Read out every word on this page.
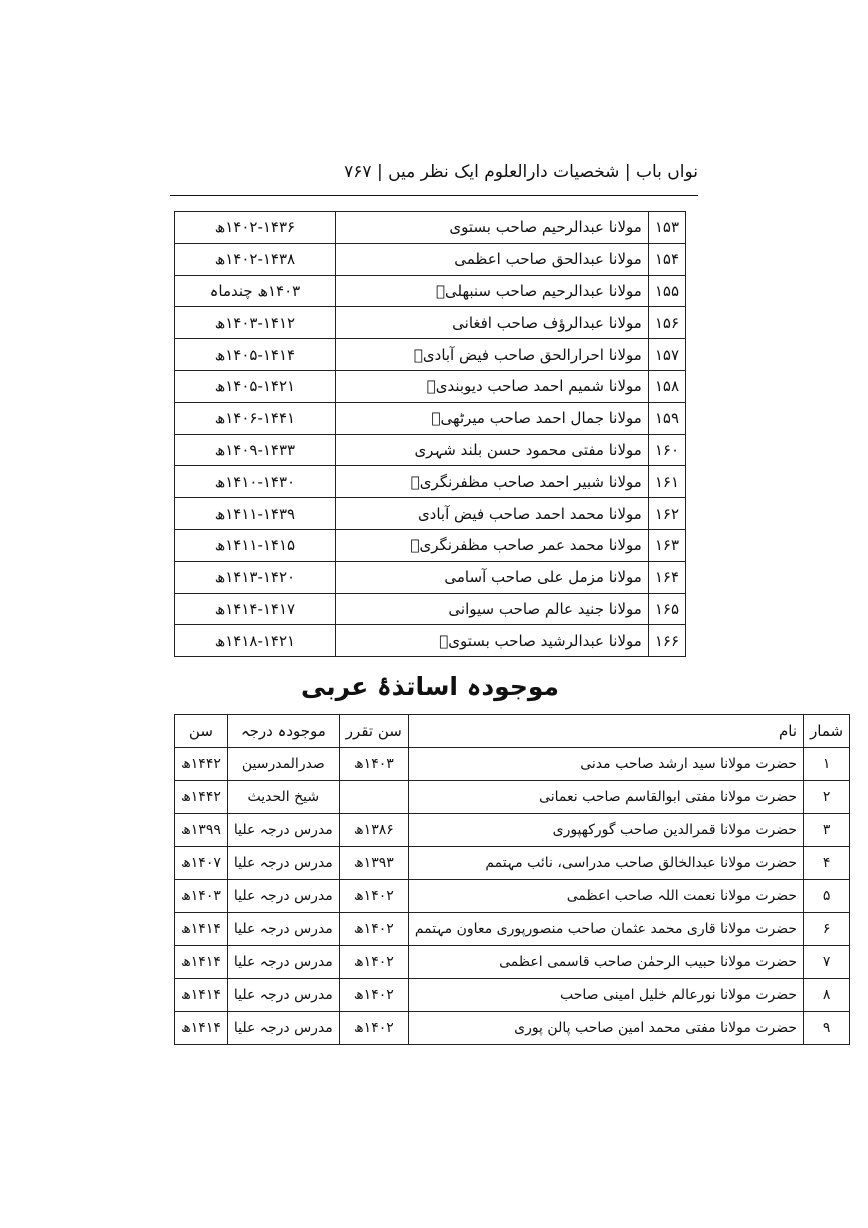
نواں باب | شخصیات دارالعلوم ایک نظر میں | ۷۶۷
۱۵۳	مولانا عبدالرحیم صاحب بستوی	۱۴۰۲-۱۴۳۶ھ
۱۵۴	مولانا عبدالحق صاحب اعظمی	۱۴۰۲-۱۴۳۸ھ
۱۵۵	مولانا عبدالرحیم صاحب سنبھلیؒ	۱۴۰۳ھ چندماہ
۱۵۶	مولانا عبدالرؤف صاحب افغانی	۱۴۰۳-۱۴۱۲ھ
۱۵۷	مولانا احرارالحق صاحب فیض آبادیؒ	۱۴۰۵-۱۴۱۴ھ
۱۵۸	مولانا شمیم احمد صاحب دیوبندیؒ	۱۴۰۵-۱۴۲۱ھ
۱۵۹	مولانا جمال احمد صاحب میرٹھیؒ	۱۴۰۶-۱۴۴۱ھ
۱۶۰	مولانا مفتی محمود حسن بلند شہری	۱۴۰۹-۱۴۳۳ھ
۱۶۱	مولانا شبیر احمد صاحب مظفرنگریؒ	۱۴۱۰-۱۴۳۰ھ
۱۶۲	مولانا محمد احمد صاحب فیض آبادی	۱۴۱۱-۱۴۳۹ھ
۱۶۳	مولانا محمد عمر صاحب مظفرنگریؒ	۱۴۱۱-۱۴۱۵ھ
۱۶۴	مولانا مزمل علی صاحب آسامی	۱۴۱۳-۱۴۲۰ھ
۱۶۵	مولانا جنید عالم صاحب سیوانی	۱۴۱۴-۱۴۱۷ھ
۱۶۶	مولانا عبدالرشید صاحب بستویؒ	۱۴۱۸-۱۴۲۱ھ
موجودہ اساتذۂ عربی
شمار	نام	سن تقرر	موجودہ درجہ	سن
۱	حضرت مولانا سید ارشد صاحب مدنی	۱۴۰۳ھ	صدرالمدرسین	۱۴۴۲ھ
۲	حضرت مولانا مفتی ابوالقاسم صاحب نعمانی		شیخ الحدیث	۱۴۴۲ھ
۳	حضرت مولانا قمرالدین صاحب گورکھپوری	۱۳۸۶ھ	مدرس درجہ علیا	۱۳۹۹ھ
۴	حضرت مولانا عبدالخالق صاحب مدراسی، نائب مہتمم	۱۳۹۳ھ	مدرس درجہ علیا	۱۴۰۷ھ
۵	حضرت مولانا نعمت اللہ صاحب اعظمی	۱۴۰۲ھ	مدرس درجہ علیا	۱۴۰۳ھ
۶	حضرت مولانا قاری محمد عثمان صاحب منصورپوری معاون مہتمم	۱۴۰۲ھ	مدرس درجہ علیا	۱۴۱۴ھ
۷	حضرت مولانا حبیب الرحمٰن صاحب قاسمی اعظمی	۱۴۰۲ھ	مدرس درجہ علیا	۱۴۱۴ھ
۸	حضرت مولانا نورعالم خلیل امینی صاحب	۱۴۰۲ھ	مدرس درجہ علیا	۱۴۱۴ھ
۹	حضرت مولانا مفتی محمد امین صاحب پالن پوری	۱۴۰۲ھ	مدرس درجہ علیا	۱۴۱۴ھ
